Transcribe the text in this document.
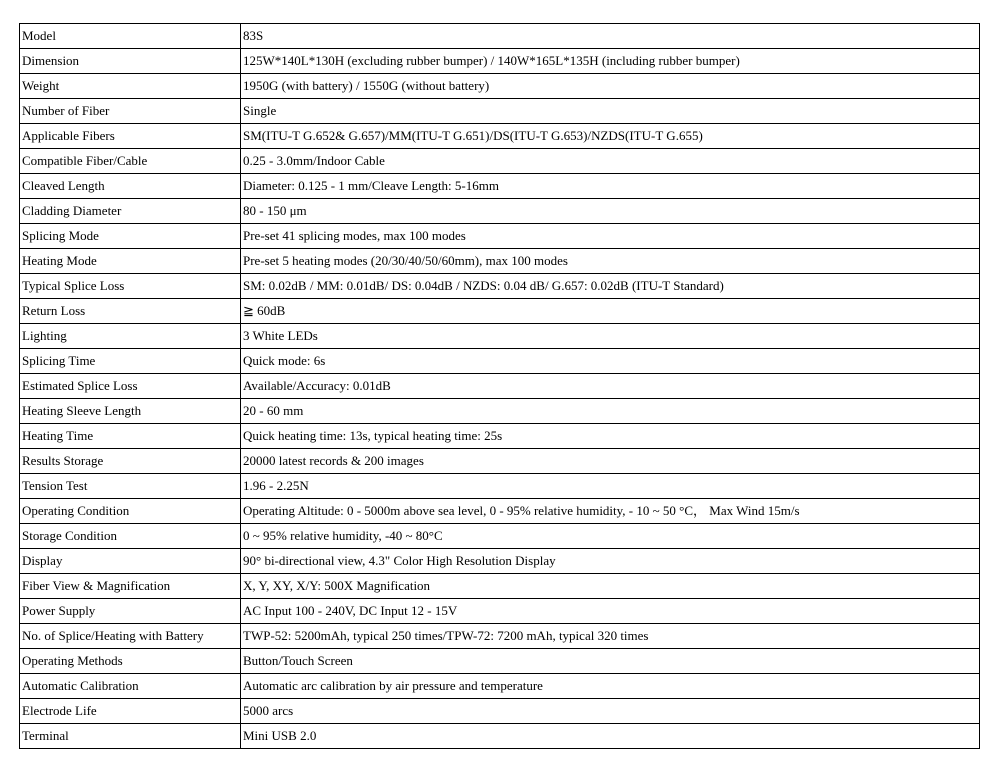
Model	83S
Dimension	125W*140L*130H (excluding rubber bumper) / 140W*165L*135H (including rubber bumper)
Weight	1950G (with battery) / 1550G (without battery)
Number of Fiber	Single
Applicable Fibers	SM(ITU-T G.652& G.657)/MM(ITU-T G.651)/DS(ITU-T G.653)/NZDS(ITU-T G.655)
Compatible Fiber/Cable	0.25 - 3.0mm/Indoor Cable
Cleaved Length	Diameter: 0.125 - 1 mm/Cleave Length: 5-16mm
Cladding Diameter	80 - 150 μm
Splicing Mode	Pre-set 41 splicing modes, max 100 modes
Heating Mode	Pre-set 5 heating modes (20/30/40/50/60mm), max 100 modes
Typical Splice Loss	SM: 0.02dB / MM: 0.01dB/ DS: 0.04dB / NZDS: 0.04 dB/ G.657: 0.02dB (ITU-T Standard)
Return Loss	≧ 60dB
Lighting	3 White LEDs
Splicing Time	Quick mode: 6s
Estimated Splice Loss	Available/Accuracy: 0.01dB
Heating Sleeve Length	20 - 60 mm
Heating Time	Quick heating time: 13s, typical heating time: 25s
Results Storage	20000 latest records & 200 images
Tension Test	1.96 - 2.25N
Operating Condition	Operating Altitude: 0 - 5000m above sea level, 0 - 95% relative humidity, - 10 ~ 50 °C， Max Wind 15m/s
Storage Condition	0 ~ 95% relative humidity, -40 ~ 80°C
Display	90° bi-directional view, 4.3" Color High Resolution Display
Fiber View & Magnification	X, Y, XY, X/Y: 500X Magnification
Power Supply	AC Input 100 - 240V, DC Input 12 - 15V
No. of Splice/Heating with Battery	TWP-52: 5200mAh, typical 250 times/TPW-72: 7200 mAh, typical 320 times
Operating Methods	Button/Touch Screen
Automatic Calibration	Automatic arc calibration by air pressure and temperature
Electrode Life	5000 arcs
Terminal	Mini USB 2.0
